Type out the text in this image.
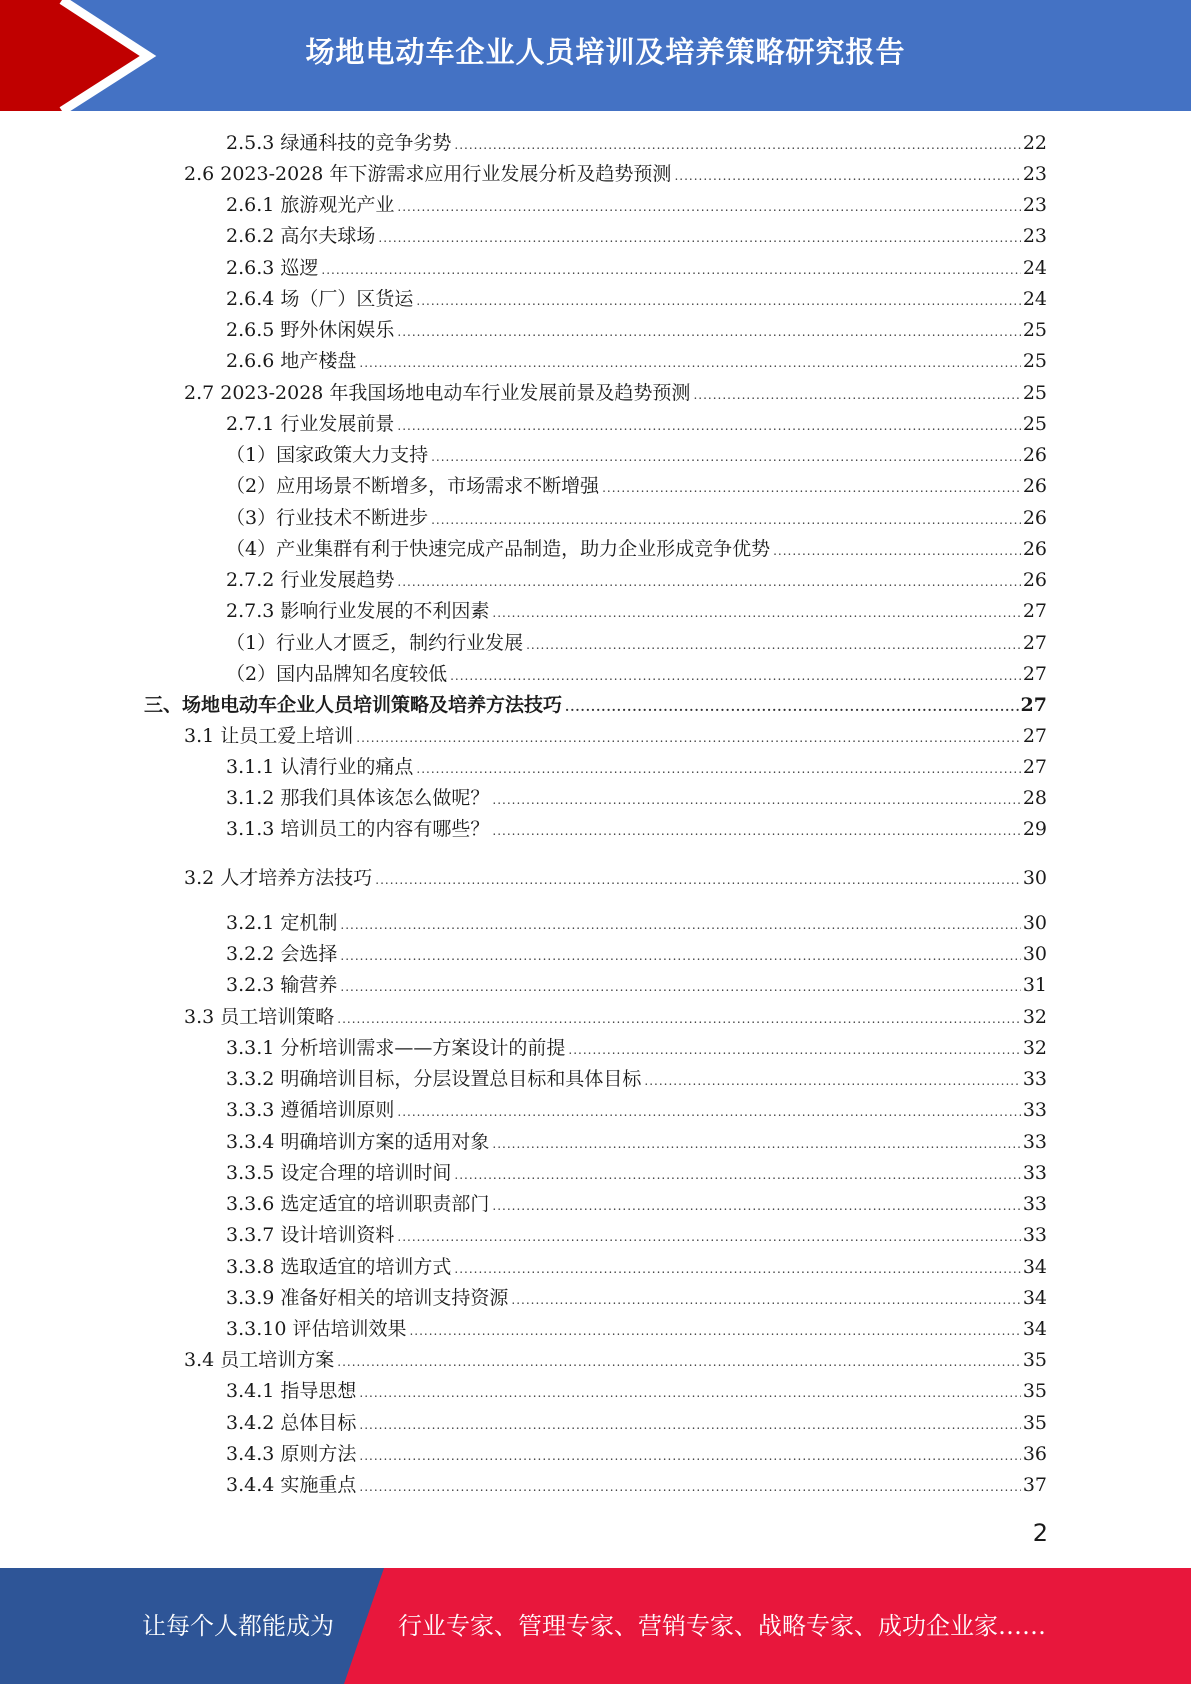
场地电动车企业人员培训及培养策略研究报告
2.5.3 绿通科技的竞争劣势 .....	22
2.6 2023-2028 年下游需求应用行业发展分析及趋势预测 .....	23
2.6.1 旅游观光产业 .....	23
2.6.2 高尔夫球场 .....	23
2.6.3 巡逻 .....	24
2.6.4 场（厂）区货运 .....	24
2.6.5 野外休闲娱乐 .....	25
2.6.6 地产楼盘 .....	25
2.7 2023-2028 年我国场地电动车行业发展前景及趋势预测 .....	25
2.7.1 行业发展前景 .....	25
（1）国家政策大力支持 .....	26
（2）应用场景不断增多，市场需求不断增强 .....	26
（3）行业技术不断进步 .....	26
（4）产业集群有利于快速完成产品制造，助力企业形成竞争优势 .....	26
2.7.2 行业发展趋势 .....	26
2.7.3 影响行业发展的不利因素 .....	27
（1）行业人才匮乏，制约行业发展 .....	27
（2）国内品牌知名度较低 .....	27
三、场地电动车企业人员培训策略及培养方法技巧 .....	27
3.1 让员工爱上培训 .....	27
3.1.1 认清行业的痛点 .....	27
3.1.2 那我们具体该怎么做呢？ .....	28
3.1.3 培训员工的内容有哪些？ .....	29
3.2 人才培养方法技巧 .....	30
3.2.1 定机制 .....	30
3.2.2 会选择 .....	30
3.2.3 输营养 .....	31
3.3 员工培训策略 .....	32
3.3.1 分析培训需求——方案设计的前提 .....	32
3.3.2 明确培训目标，分层设置总目标和具体目标 .....	33
3.3.3 遵循培训原则 .....	33
3.3.4 明确培训方案的适用对象 .....	33
3.3.5 设定合理的培训时间 .....	33
3.3.6 选定适宜的培训职责部门 .....	33
3.3.7 设计培训资料 .....	33
3.3.8 选取适宜的培训方式 .....	34
3.3.9 准备好相关的培训支持资源 .....	34
3.3.10 评估培训效果 .....	34
3.4 员工培训方案 .....	35
3.4.1 指导思想 .....	35
3.4.2 总体目标 .....	35
3.4.3 原则方法 .....	36
3.4.4 实施重点 .....	37
2
让每个人都能成为	行业专家、管理专家、营销专家、战略专家、成功企业家……
